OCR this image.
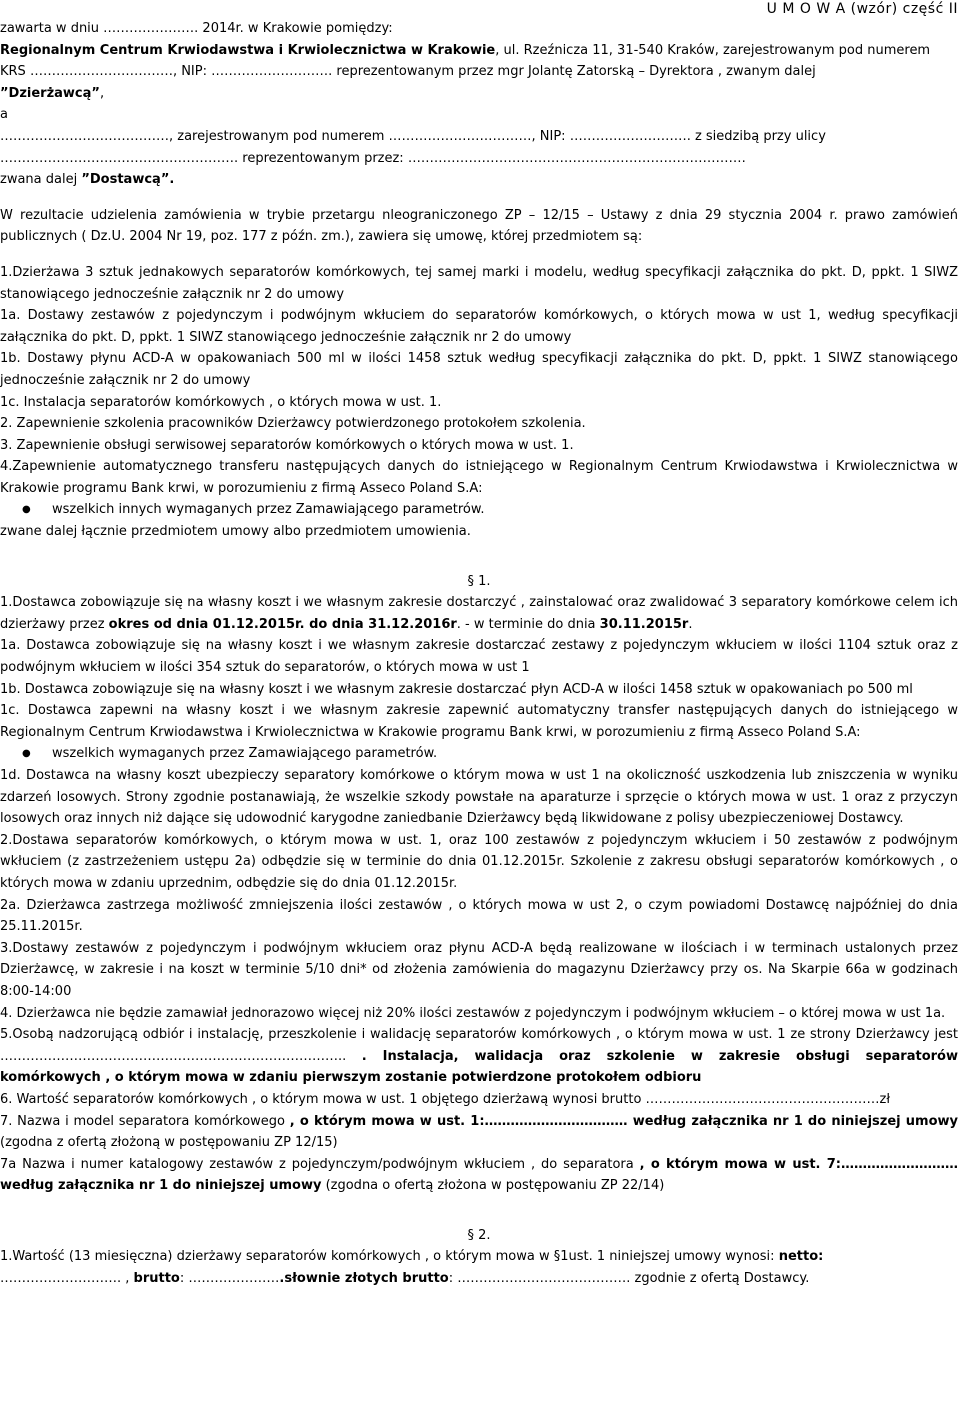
U M O W A (wzór) część II

zawarta w dniu …………………. 2014r. w Krakowie pomiędzy:

Regionalnym Centrum Krwiodawstwa i Krwiolecznictwa w Krakowie, ul. Rzeźnicza 11, 31-540 Kraków, zarejestrowanym pod numerem

KRS ……………………………, NIP: ………………………. reprezentowanym przez mgr Jolantę Zatorską – Dyrektora , zwanym dalej

”Dzierżawcą”,

a

…………………………………, zarejestrowanym pod numerem ……………………………, NIP: ………………………. z siedzibą przy ulicy

………………………………………………. reprezentowanym przez: ……………………………………………………………………

zwana dalej ”Dostawcą”.

W rezultacie udzielenia zamówienia w trybie przetargu nleograniczonego ZP – 12/15 – Ustawy z dnia 29 stycznia 2004 r. prawo zamówień publicznych ( Dz.U. 2004 Nr 19, poz. 177 z późn. zm.), zawiera się umowę, której przedmiotem są:

1.Dzierżawa 3 sztuk jednakowych separatorów komórkowych, tej samej marki i modelu, według specyfikacji załącznika do pkt. D, ppkt. 1 SIWZ stanowiącego jednocześnie załącznik nr 2 do umowy

1a. Dostawy zestawów z pojedynczym i podwójnym wkłuciem do separatorów komórkowych, o których mowa w ust 1, według specyfikacji załącznika do pkt. D, ppkt. 1 SIWZ stanowiącego jednocześnie załącznik nr 2 do umowy

1b. Dostawy płynu ACD-A w opakowaniach 500 ml w ilości 1458 sztuk według specyfikacji załącznika do pkt. D, ppkt. 1 SIWZ stanowiącego jednocześnie załącznik nr 2 do umowy

1c. Instalacja separatorów komórkowych , o których mowa w ust. 1.

2. Zapewnienie szkolenia pracowników Dzierżawcy potwierdzonego protokołem szkolenia.

3. Zapewnienie obsługi serwisowej separatorów komórkowych o których mowa w ust. 1.

4.Zapewnienie automatycznego transferu następujących danych do istniejącego w Regionalnym Centrum Krwiodawstwa i Krwiolecznictwa w Krakowie programu Bank krwi, w porozumieniu z firmą Asseco Poland S.A:

● wszelkich innych wymaganych przez Zamawiającego parametrów.

zwane dalej łącznie przedmiotem umowy albo przedmiotem umowienia.

§ 1.

1.Dostawca zobowiązuje się na własny koszt i we własnym zakresie dostarczyć , zainstalować oraz zwalidować 3 separatory komórkowe celem ich dzierżawy przez okres od dnia 01.12.2015r. do dnia 31.12.2016r. - w terminie do dnia 30.11.2015r.

1a. Dostawca zobowiązuje się na własny koszt i we własnym zakresie dostarczać zestawy z pojedynczym wkłuciem w ilości 1104 sztuk oraz z podwójnym wkłuciem w ilości 354 sztuk do separatorów, o których mowa w ust 1

1b. Dostawca zobowiązuje się na własny koszt i we własnym zakresie dostarczać płyn ACD-A w ilości 1458 sztuk w opakowaniach po 500 ml

1c. Dostawca zapewni na własny koszt i we własnym zakresie zapewnić automatyczny transfer następujących danych do istniejącego w Regionalnym Centrum Krwiodawstwa i Krwiolecznictwa w Krakowie programu Bank krwi, w porozumieniu z firmą Asseco Poland S.A:

● wszelkich wymaganych przez Zamawiającego parametrów.

1d. Dostawca na własny koszt ubezpieczy separatory komórkowe o którym mowa w ust 1 na okoliczność uszkodzenia lub zniszczenia w wyniku zdarzeń losowych. Strony zgodnie postanawiają, że wszelkie szkody powstałe na aparaturze i sprzęcie o których mowa w ust. 1 oraz z przyczyn losowych oraz innych niż dające się udowodnić karygodne zaniedbanie Dzierżawcy będą likwidowane z polisy ubezpieczeniowej Dostawcy.

2.Dostawa separatorów komórkowych, o którym mowa w ust. 1, oraz 100 zestawów z pojedynczym wkłuciem i 50 zestawów z podwójnym wkłuciem (z zastrzeżeniem ustępu 2a) odbędzie się w terminie do dnia 01.12.2015r. Szkolenie z zakresu obsługi separatorów komórkowych , o których mowa w zdaniu uprzednim, odbędzie się do dnia 01.12.2015r.

2a. Dzierżawca zastrzega możliwość zmniejszenia ilości zestawów , o których mowa w ust 2, o czym powiadomi Dostawcę najpóźniej do dnia 25.11.2015r.

3.Dostawy zestawów z pojedynczym i podwójnym wkłuciem oraz płynu ACD-A będą realizowane w ilościach i w terminach ustalonych przez Dzierżawcę, w zakresie i na koszt w terminie 5/10 dni* od złożenia zamówienia do magazynu Dzierżawcy przy os. Na Skarpie 66a w godzinach 8:00-14:00

4. Dzierżawca nie będzie zamawiał jednorazowo więcej niż 20% ilości zestawów z pojedynczym i podwójnym wkłuciem – o której mowa w ust 1a.

5.Osobą nadzorującą odbiór i instalację, przeszkolenie i walidację separatorów komórkowych , o którym mowa w ust. 1 ze strony Dzierżawcy jest …………………………………………………………………….. . Instalacja, walidacja oraz szkolenie w zakresie obsługi separatorów komórkowych , o którym mowa w zdaniu pierwszym zostanie potwierdzone protokołem odbioru

6. Wartość separatorów komórkowych , o którym mowa w ust. 1 objętego dzierżawą wynosi brutto ………………………………………………zł

7. Nazwa i model separatora komórkowego , o którym mowa w ust. 1:…………………………… według załącznika nr 1 do niniejszej umowy (zgodna z ofertą złożoną w postępowaniu ZP 12/15)

7a Nazwa i numer katalogowy zestawów z pojedynczym/podwójnym wkłuciem , do separatora , o którym mowa w ust. 7:……………………… według załącznika nr 1 do niniejszej umowy (zgodna o ofertą złożona w postępowaniu ZP 22/14)

§ 2.

1.Wartość (13 miesięczna) dzierżawy separatorów komórkowych , o którym mowa w §1ust. 1 niniejszej umowy wynosi: netto:

………………………. , brutto: ………………….słownie złotych brutto: …………………………………. zgodnie z ofertą Dostawcy.
